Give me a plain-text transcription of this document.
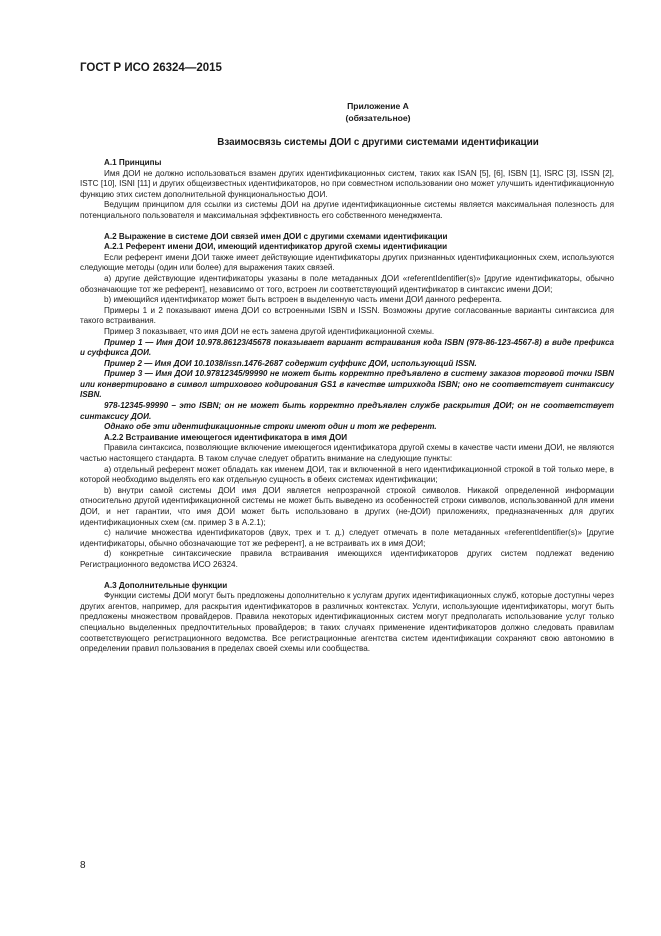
ГОСТ Р ИСО 26324—2015
Приложение А
(обязательное)
Взаимосвязь системы ДОИ с другими системами идентификации

А.1 Принципы

Имя ДОИ не должно использоваться взамен других идентификационных систем, таких как ISAN [5], [6], ISBN [1], ISRC [3], ISSN [2], ISTC [10], ISNI [11] и других общеизвестных идентификаторов, но при совместном использовании оно может улучшить идентификационную функцию этих систем дополнительной функциональностью ДОИ.

Ведущим принципом для ссылки из системы ДОИ на другие идентификационные системы является максимальная полезность для потенциального пользователя и максимальная эффективность его собственного менеджмента.

А.2 Выражение в системе ДОИ связей имен ДОИ с другими схемами идентификации

А.2.1 Референт имени ДОИ, имеющий идентификатор другой схемы идентификации

Если референт имени ДОИ также имеет действующие идентификаторы других признанных идентификационных схем, используются следующие методы (один или более) для выражения таких связей.

а) другие действующие идентификаторы указаны в поле метаданных ДОИ «referentIdentifier(s)» [другие идентификаторы, обычно обозначающие тот же референт], независимо от того, встроен ли соответствующий идентификатор в синтаксис имени ДОИ;

b) имеющийся идентификатор может быть встроен в выделенную часть имени ДОИ данного референта.

Примеры 1 и 2 показывают имена ДОИ со встроенными ISBN и ISSN. Возможны другие согласованные варианты синтаксиса для такого встраивания.

Пример 3 показывает, что имя ДОИ не есть замена другой идентификационной схемы.

Пример 1 — Имя ДОИ 10.978.86123/45678 показывает вариант встраивания кода ISBN (978-86-123-4567-8) в виде префикса и суффикса ДОИ.

Пример 2 — Имя ДОИ 10.1038/issn.1476-2687 содержит суффикс ДОИ, использующий ISSN.

Пример 3 — Имя ДОИ 10.97812345/99990 не может быть корректно предъявлено в систему заказов торговой точки ISBN или конвертировано в символ штрихового кодирования GS1 в качестве штрихкода ISBN; оно не соответствует синтаксису ISBN.

978-12345-99990 – это ISBN; он не может быть корректно предъявлен службе раскрытия ДОИ; он не соответствует синтаксису ДОИ.

Однако обе эти идентификационные строки имеют один и тот же референт.

А.2.2 Встраивание имеющегося идентификатора в имя ДОИ

Правила синтаксиса, позволяющие включение имеющегося идентификатора другой схемы в качестве части имени ДОИ, не являются частью настоящего стандарта. В таком случае следует обратить внимание на следующие пункты:

а) отдельный референт может обладать как именем ДОИ, так и включенной в него идентификационной строкой в той только мере, в которой необходимо выделять его как отдельную сущность в обеих системах идентификации;

b) внутри самой системы ДОИ имя ДОИ является непрозрачной строкой символов. Никакой определенной информации относительно другой идентификационной системы не может быть выведено из особенностей строки символов, использованной для имени ДОИ, и нет гарантии, что имя ДОИ может быть использовано в других (не-ДОИ) приложениях, предназначенных для других идентификационных схем (см. пример 3 в А.2.1);

с) наличие множества идентификаторов (двух, трех и т. д.) следует отмечать в поле метаданных «referentIdentifier(s)» [другие идентификаторы, обычно обозначающие тот же референт], а не встраивать их в имя ДОИ;

d) конкретные синтаксические правила встраивания имеющихся идентификаторов других систем подлежат ведению Регистрационного ведомства ИСО 26324.

А.3 Дополнительные функции

Функции системы ДОИ могут быть предложены дополнительно к услугам других идентификационных служб, которые доступны через других агентов, например, для раскрытия идентификаторов в различных контекстах. Услуги, использующие идентификаторы, могут быть предложены множеством провайдеров. Правила некоторых идентификационных систем могут предполагать использование услуг только специально выделенных предпочтительных провайдеров; в таких случаях применение идентификаторов должно следовать правилам соответствующего регистрационного ведомства. Все регистрационные агентства систем идентификации сохраняют свою автономию в определении правил пользования в пределах своей схемы или сообщества.

8
